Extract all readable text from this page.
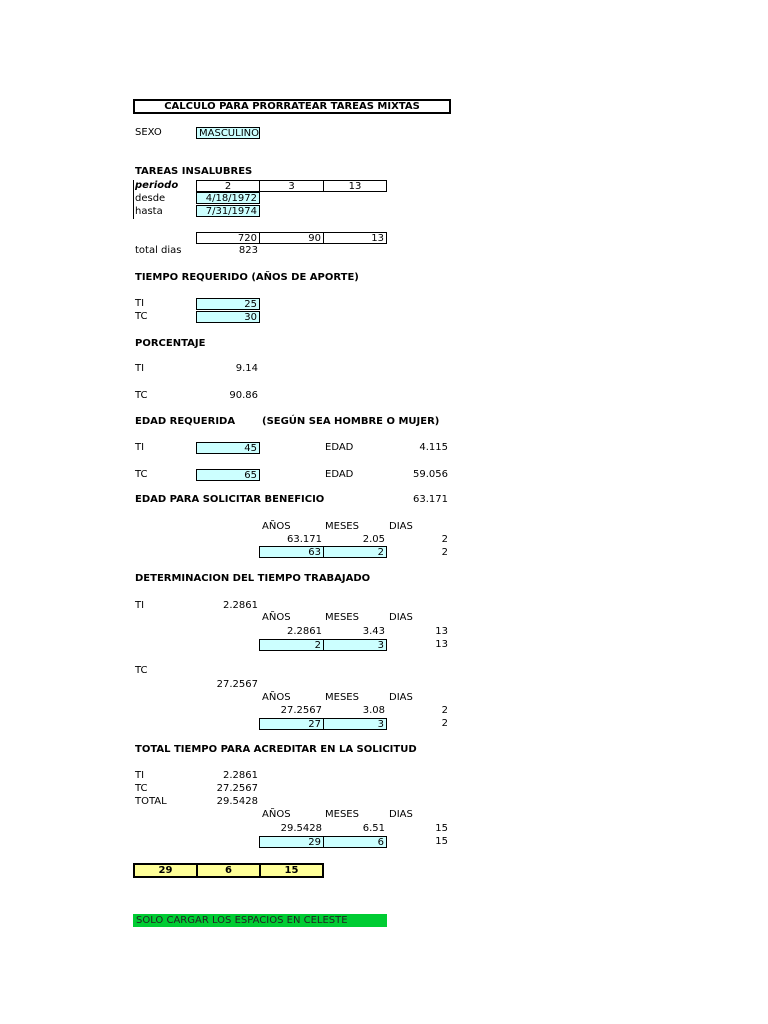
CALCULO PARA PRORRATEAR TAREAS MIXTAS
SEXO	MASCULINO
TAREAS INSALUBRES
periodo	2	3	13
desde	4/18/1972
hasta	7/31/1974
720	90	13
total dias	823
TIEMPO REQUERIDO (AÑOS DE APORTE)
TI	25
TC	30
PORCENTAJE
TI	9.14
TC	90.86
EDAD REQUERIDA	(SEGÚN SEA HOMBRE O MUJER)
TI	45	EDAD	4.115
TC	65	EDAD	59.056
EDAD PARA SOLICITAR BENEFICIO	63.171
AÑOS	MESES	DIAS
63.171	2.05	2
63	2	2
DETERMINACION DEL TIEMPO TRABAJADO
TI	2.2861
AÑOS	MESES	DIAS
2.2861	3.43	13
2	3	13
TC
27.2567
AÑOS	MESES	DIAS
27.2567	3.08	2
27	3	2
TOTAL TIEMPO PARA ACREDITAR EN LA SOLICITUD
TI	2.2861
TC	27.2567
TOTAL	29.5428
AÑOS	MESES	DIAS
29.5428	6.51	15
29	6	15
29	6	15
SOLO CARGAR LOS ESPACIOS EN CELESTE
